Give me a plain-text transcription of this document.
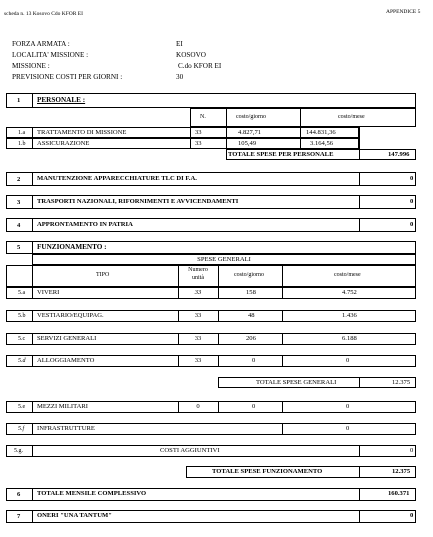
scheda n. 13 Kosovo Cdo KFOR EI	APPENDICE 5
FORZA ARMATA :	EI
LOCALITA' MISSIONE :	KOSOVO
MISSIONE :	C.do KFOR EI
PREVISIONE COSTI PER GIORNI :	30
1 PERSONALE :
N.	costo/giorno	costo/mese
1.a TRATTAMENTO DI MISSIONE	33	4.827,71	144.831,36
1.b ASSICURAZIONE	33	105,49	3.164,56
TOTALE SPESE PER PERSONALE	147.996
2	MANUTENZIONE APPARECCHIATURE TLC DI F.A.	0
3	TRASPORTI NAZIONALI, RIFORNIMENTI E AVVICENDAMENTI	0
4	APPRONTAMENTO IN PATRIA	0
5 FUNZIONAMENTO :
SPESE GENERALI
TIPO
Numero
unità	costo/giorno	costo/mese
5.a VIVERI	33	158	4.752
5.b VESTIARIO/EQUIPAG.	33	48	1.436
5.c SERVIZI GENERALI	33	206	6.188
5.d ALLOGGIAMENTO	33	0	0
TOTALE SPESE GENERALI	12.375
5.e MEZZI MILITARI	0	0	0
5.f INFRASTRUTTURE	0
5.g.	COSTI AGGIUNTIVI	0
TOTALE SPESE FUNZIONAMENTO	12.375
6	TOTALE MENSILE COMPLESSIVO	160.371
7	ONERI "UNA TANTUM"	0
